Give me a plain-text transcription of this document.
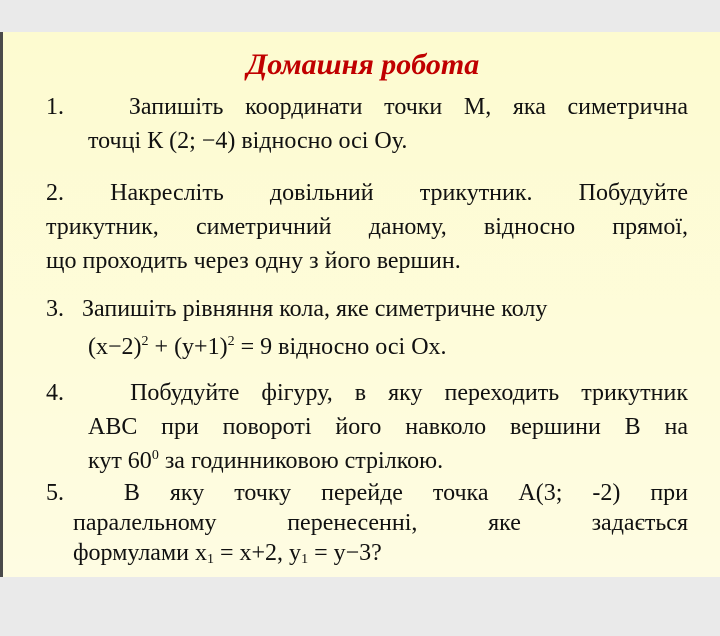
Домашня робота
1.	Запишіть координати точки М, яка симетрична
точці К (2; −4) відносно осі Оу.
2. Накресліть довільний трикутник. Побудуйте
трикутник, симетричний даному, відносно прямої,
що проходить через одну з його вершин.
3. Запишіть рівняння кола, яке симетричне колу
$(x-2)^2 + (y+1)^2 = 9$ відносно осі Ох.
4.	Побудуйте фігуру, в яку переходить трикутник
АВС при повороті його навколо вершини В на
кут $60^0$ за годинниковою стрілкою.
5. В яку точку перейде точка А(3; -2) при
паралельному перенесенні, яке задається
формулами $x_1 = x+2$, $y_1 = y-3$?
